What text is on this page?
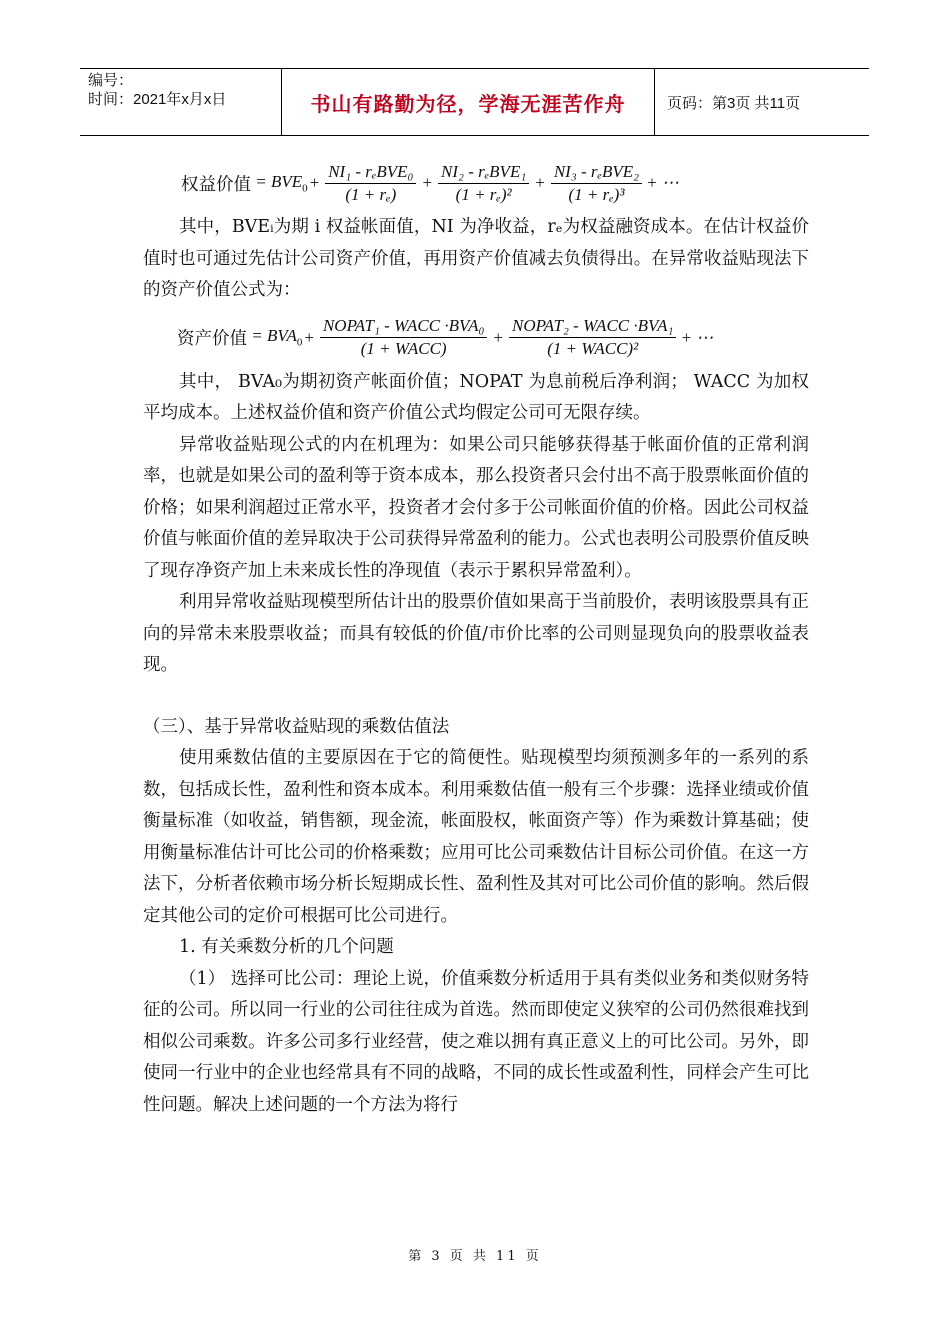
编号：
时间：2021年x月x日	书山有路勤为径，学海无涯苦作舟	页码：第3页 共11页
权益价值 = $BVE_0 + \frac{\text{NI₁ - rₑBVE₀}}{\text{(1 + rₑ)}} + \frac{\text{NI₂ - rₑBVE₁}}{\text{(1 + rₑ)²}} + \frac{\text{NI₃ - rₑBVE₂}}{\text{(1 + rₑ)³}}$ + ⋯

其中，BVEᵢ为期 i 权益帐面值，NI 为净收益，rₑ为权益融资成本。在估计权益价值时也可通过先估计公司资产价值，再用资产价值减去负债得出。在异常收益贴现法下的资产价值公式为：

资产价值 = $BVA_0 + \frac{\text{NOPAT₁ - WACC ·BVA₀}}{\text{(1 + WACC)}} + \frac{\text{NOPAT₂ - WACC ·BVA₁}}{\text{(1 + WACC)²}}$ + ⋯

其中， BVA₀为期初资产帐面价值；NOPAT 为息前税后净利润； WACC 为加权平均成本。上述权益价值和资产价值公式均假定公司可无限存续。

异常收益贴现公式的内在机理为：如果公司只能够获得基于帐面价值的正常利润率，也就是如果公司的盈利等于资本成本，那么投资者只会付出不高于股票帐面价值的价格；如果利润超过正常水平，投资者才会付多于公司帐面价值的价格。因此公司权益价值与帐面价值的差异取决于公司获得异常盈利的能力。公式也表明公司股票价值反映了现存净资产加上未来成长性的净现值（表示于累积异常盈利）。

利用异常收益贴现模型所估计出的股票价值如果高于当前股价，表明该股票具有正向的异常未来股票收益；而具有较低的价值/市价比率的公司则显现负向的股票收益表现。

（三）、基于异常收益贴现的乘数估值法

使用乘数估值的主要原因在于它的简便性。贴现模型均须预测多年的一系列的系数，包括成长性，盈利性和资本成本。利用乘数估值一般有三个步骤：选择业绩或价值衡量标准（如收益，销售额，现金流，帐面股权，帐面资产等）作为乘数计算基础；使用衡量标准估计可比公司的价格乘数；应用可比公司乘数估计目标公司价值。在这一方法下，分析者依赖市场分析长短期成长性、盈利性及其对可比公司价值的影响。然后假定其他公司的定价可根据可比公司进行。

1. 有关乘数分析的几个问题

（1） 选择可比公司：理论上说，价值乘数分析适用于具有类似业务和类似财务特征的公司。所以同一行业的公司往往成为首选。然而即使定义狭窄的公司仍然很难找到相似公司乘数。许多公司多行业经营，使之难以拥有真正意义上的可比公司。另外，即使同一行业中的企业也经常具有不同的战略，不同的成长性或盈利性，同样会产生可比性问题。解决上述问题的一个方法为将行

第 3 页 共 11 页
